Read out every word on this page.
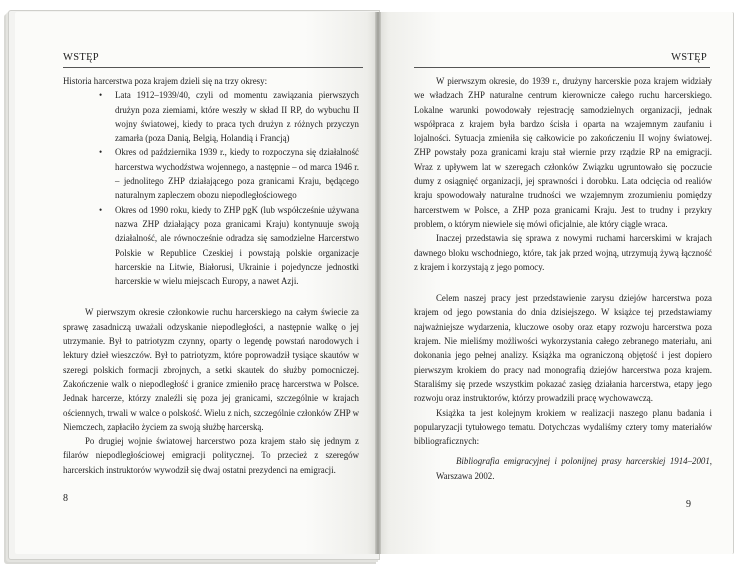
WSTĘP

Historia harcerstwa poza krajem dzieli się na trzy okresy:

• Lata 1912–1939/40, czyli od momentu zawiązania pierwszych drużyn poza ziemiami, które weszły w skład II RP, do wybuchu II wojny światowej, kiedy to praca tych drużyn z różnych przyczyn zamarła (poza Danią, Belgią, Holandią i Francją)
• Okres od października 1939 r., kiedy to rozpoczyna się działalność harcerstwa wychodźstwa wojennego, a następnie – od marca 1946 r. – jednolitego ZHP działającego poza granicami Kraju, będącego naturalnym zapleczem obozu niepodległościowego
• Okres od 1990 roku, kiedy to ZHP pgK (lub współcześnie używana nazwa ZHP działający poza granicami Kraju) kontynuuje swoją działalność, ale równocześnie odradza się samodzielne Harcerstwo Polskie w Republice Czeskiej i powstają polskie organizacje harcerskie na Litwie, Białorusi, Ukrainie i pojedyncze jednostki harcerskie w wielu miejscach Europy, a nawet Azji.

W pierwszym okresie członkowie ruchu harcerskiego na całym świecie za sprawę zasadniczą uważali odzyskanie niepodległości, a następnie walkę o jej utrzymanie. Był to patriotyzm czynny, oparty o legendę powstań narodowych i lektury dzieł wieszczów. Był to patriotyzm, które poprowadził tysiące skautów w szeregi polskich formacji zbrojnych, a setki skautek do służby pomocniczej. Zakończenie walk o niepodległość i granice zmieniło pracę harcerstwa w Polsce. Jednak harcerze, którzy znaleźli się poza jej granicami, szczególnie w krajach ościennych, trwali w walce o polskość. Wielu z nich, szczególnie członków ZHP w Niemczech, zapłaciło życiem za swoją służbę harcerską.

Po drugiej wojnie światowej harcerstwo poza krajem stało się jednym z filarów niepodległościowej emigracji politycznej. To przecież z szeregów harcerskich instruktorów wywodził się dwaj ostatni prezydenci na emigracji.

8
WSTĘP

W pierwszym okresie, do 1939 r., drużyny harcerskie poza krajem widziały we władzach ZHP naturalne centrum kierownicze całego ruchu harcerskiego. Lokalne warunki powodowały rejestrację samodzielnych organizacji, jednak współpraca z krajem była bardzo ścisła i oparta na wzajemnym zaufaniu i lojalności. Sytuacja zmieniła się całkowicie po zakończeniu II wojny światowej. ZHP powstały poza granicami kraju stał wiernie przy rządzie RP na emigracji. Wraz z upływem lat w szeregach członków Związku ugruntowało się poczucie dumy z osiągnięć organizacji, jej sprawności i dorobku. Lata odcięcia od realiów kraju spowodowały naturalne trudności we wzajemnym zrozumieniu pomiędzy harcerstwem w Polsce, a ZHP poza granicami Kraju. Jest to trudny i przykry problem, o którym niewiele się mówi oficjalnie, ale który ciągle wraca.

Inaczej przedstawia się sprawa z nowymi ruchami harcerskimi w krajach dawnego bloku wschodniego, które, tak jak przed wojną, utrzymują żywą łączność z krajem i korzystają z jego pomocy.

Celem naszej pracy jest przedstawienie zarysu dziejów harcerstwa poza krajem od jego powstania do dnia dzisiejszego. W książce tej przedstawiamy najważniejsze wydarzenia, kluczowe osoby oraz etapy rozwoju harcerstwa poza krajem. Nie mieliśmy możliwości wykorzystania całego zebranego materiału, ani dokonania jego pełnej analizy. Książka ma ograniczoną objętość i jest dopiero pierwszym krokiem do pracy nad monografią dziejów harcerstwa poza krajem. Staraliśmy się przede wszystkim pokazać zasięg działania harcerstwa, etapy jego rozwoju oraz instruktorów, którzy prowadzili pracę wychowawczą.

Książka ta jest kolejnym krokiem w realizacji naszego planu badania i popularyzacji tytułowego tematu. Dotychczas wydaliśmy cztery tomy materiałów bibliograficznych:

Bibliografia emigracyjnej i polonijnej prasy harcerskiej 1914–2001, Warszawa 2002.

9
